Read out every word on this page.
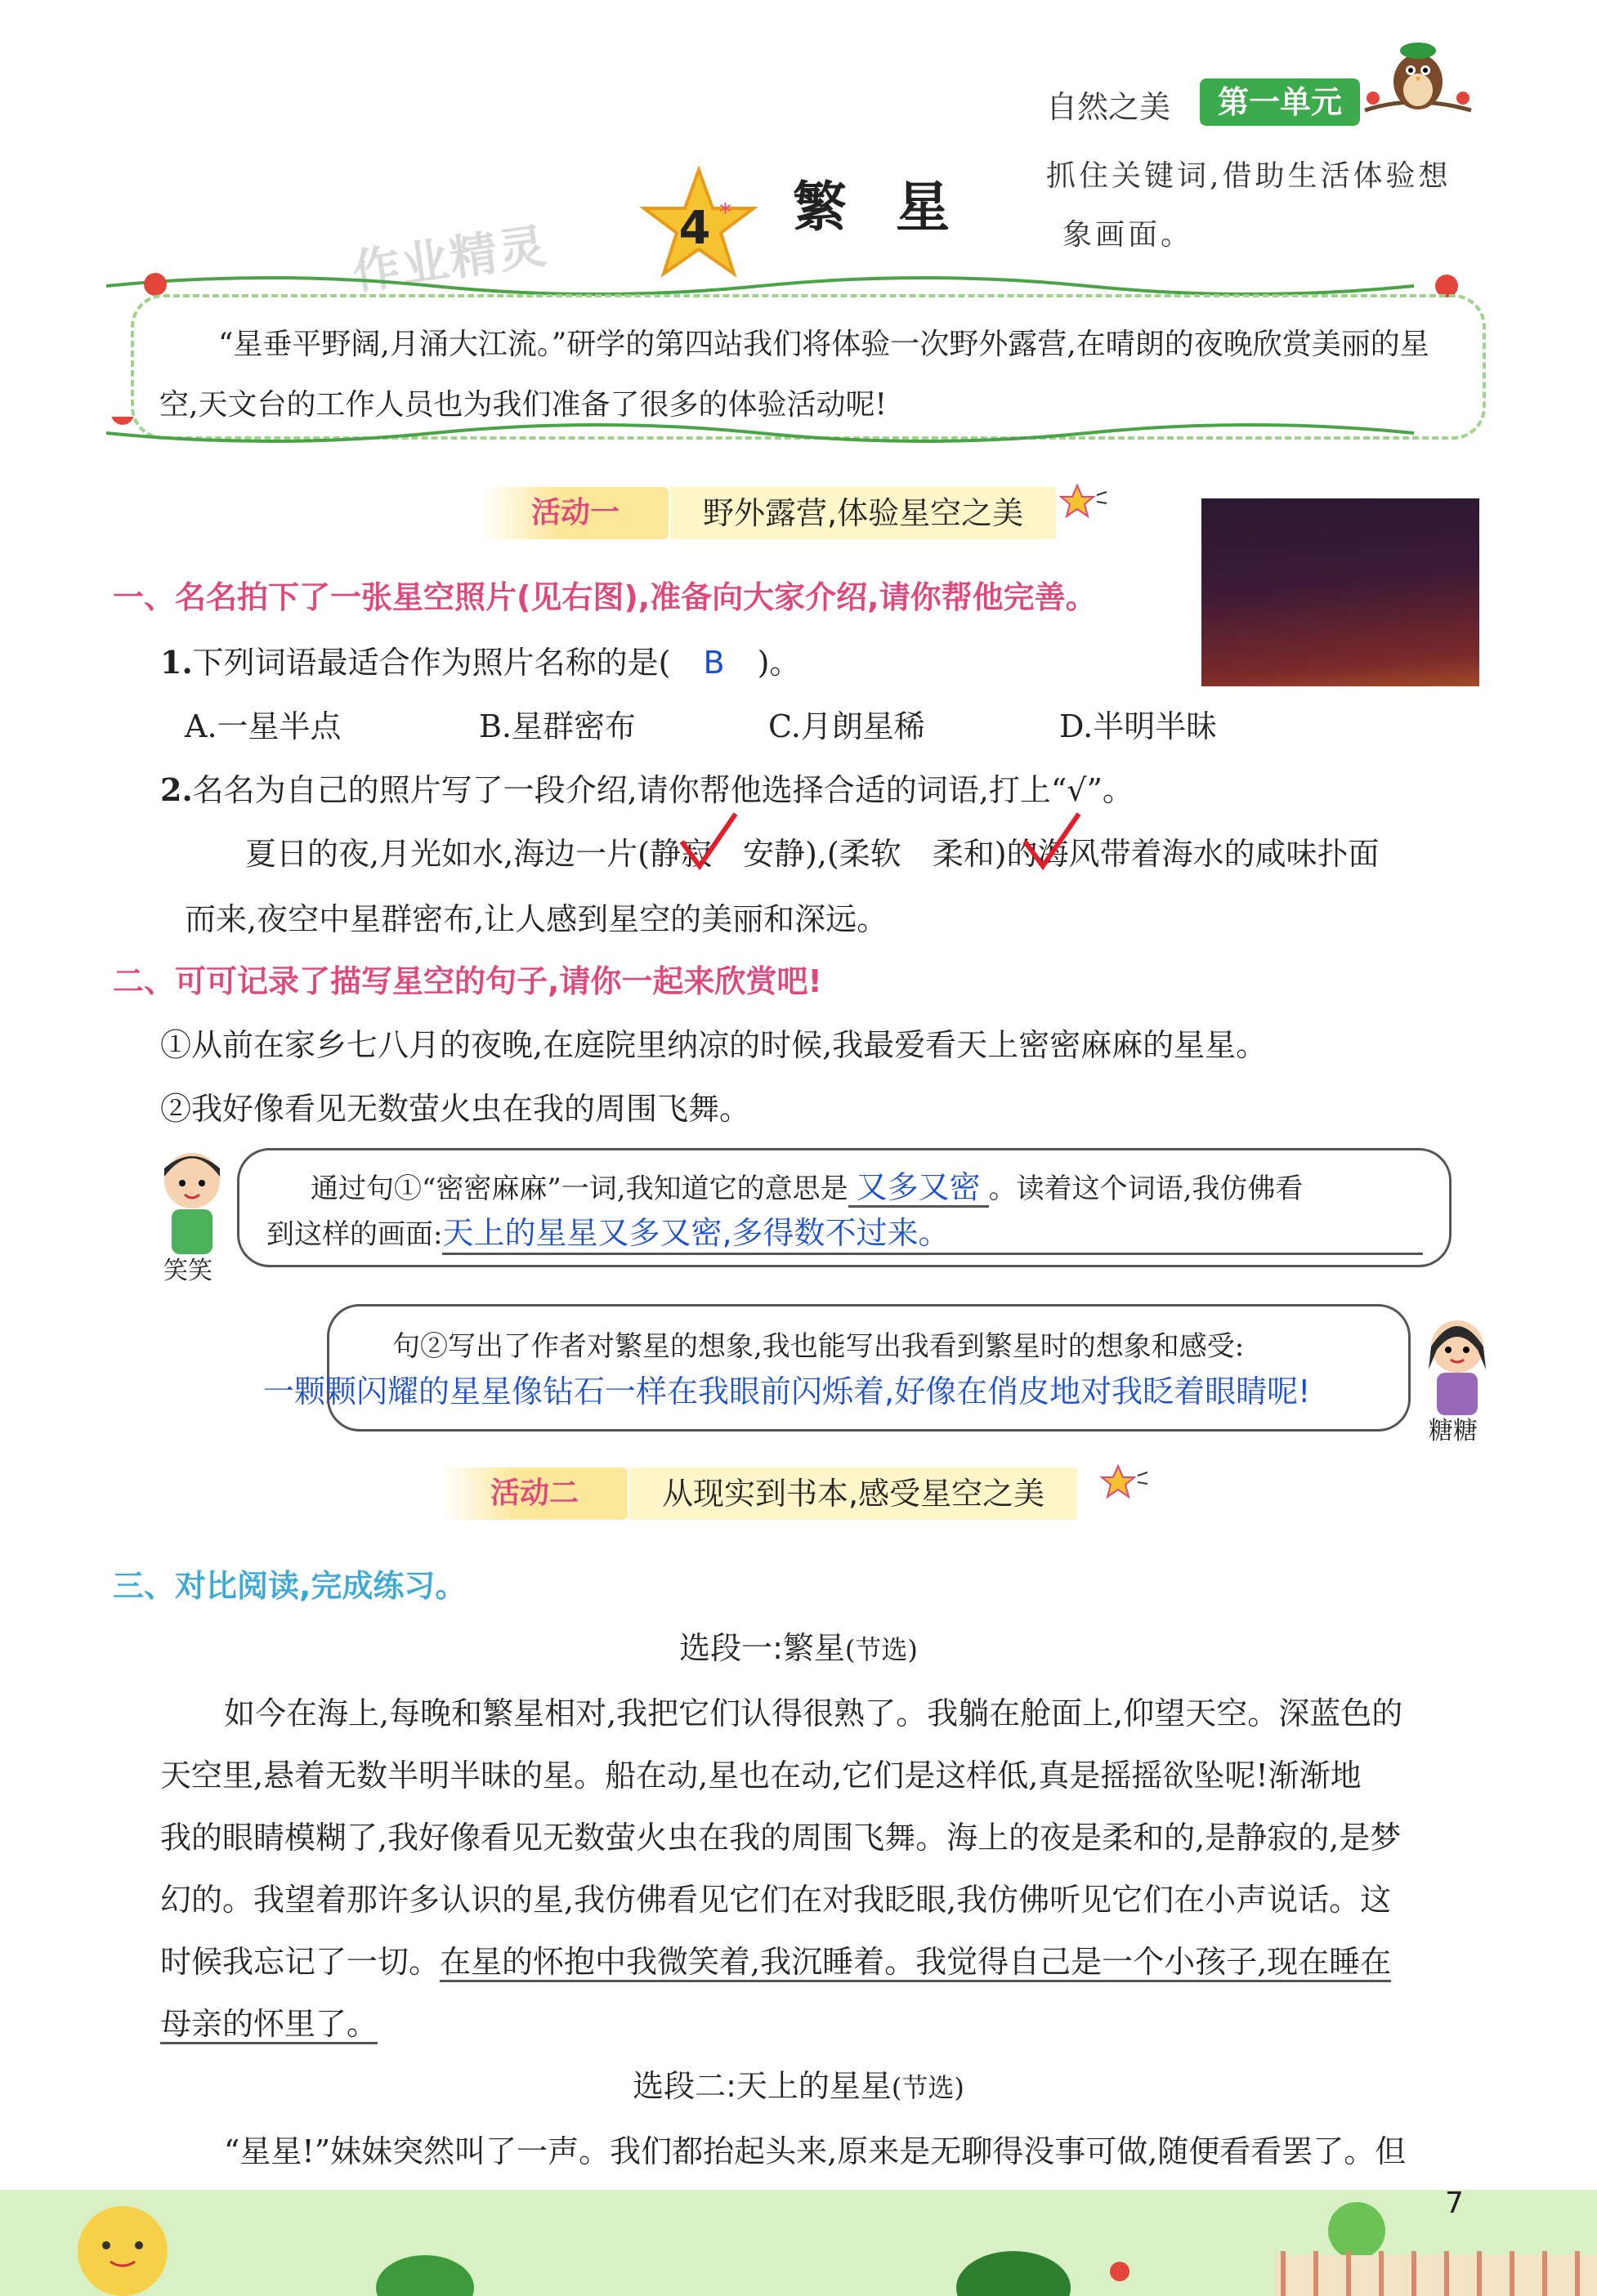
自然之美	第一单元
4 * 繁星 抓住关键词,借助生活体验想
象画面。
作业精灵
“星垂平野阔,月涌大江流。”研学的第四站我们将体验一次野外露营,在晴朗的夜晚欣赏美丽的星空,天文台的工作人员也为我们准备了很多的体验活动呢!
活动一	野外露营,体验星空之美
一、名名拍下了一张星空照片(见右图),准备向大家介绍,请你帮他完善。
1.下列词语最适合作为照片名称的是( B )。
A.一星半点	B.星群密布	C.月朗星稀	D.半明半昧
2.名名为自己的照片写了一段介绍,请你帮他选择合适的词语,打上“√”。
夏日的夜,月光如水,海边一片(静寂　安静),(柔软　柔和)的海风带着海水的咸味扑面
而来,夜空中星群密布,让人感到星空的美丽和深远。
二、可可记录了描写星空的句子,请你一起来欣赏吧!
①从前在家乡七八月的夜晚,在庭院里纳凉的时候,我最爱看天上密密麻麻的星星。
②我好像看见无数萤火虫在我的周围飞舞。
笑笑
通过句①“密密麻麻”一词,我知道它的意思是 又多又密 。读着这个词语,我仿佛看
到这样的画面:天上的星星又多又密,多得数不过来。
句②写出了作者对繁星的想象,我也能写出我看到繁星时的想象和感受:
一颗颗闪耀的星星像钻石一样在我眼前闪烁着,好像在俏皮地对我眨着眼睛呢!
糖糖
活动二	从现实到书本,感受星空之美
三、对比阅读,完成练习。
选段一:繁星(节选)
如今在海上,每晚和繁星相对,我把它们认得很熟了。我躺在舱面上,仰望天空。深蓝色的
天空里,悬着无数半明半昧的星。船在动,星也在动,它们是这样低,真是摇摇欲坠呢!渐渐地
我的眼睛模糊了,我好像看见无数萤火虫在我的周围飞舞。海上的夜是柔和的,是静寂的,是梦
幻的。我望着那许多认识的星,我仿佛看见它们在对我眨眼,我仿佛听见它们在小声说话。这
时候我忘记了一切。在星的怀抱中我微笑着,我沉睡着。我觉得自己是一个小孩子,现在睡在
母亲的怀里了。
选段二:天上的星星(节选)
“星星!”妹妹突然叫了一声。我们都抬起头来,原来是无聊得没事可做,随便看看罢了。但
7
